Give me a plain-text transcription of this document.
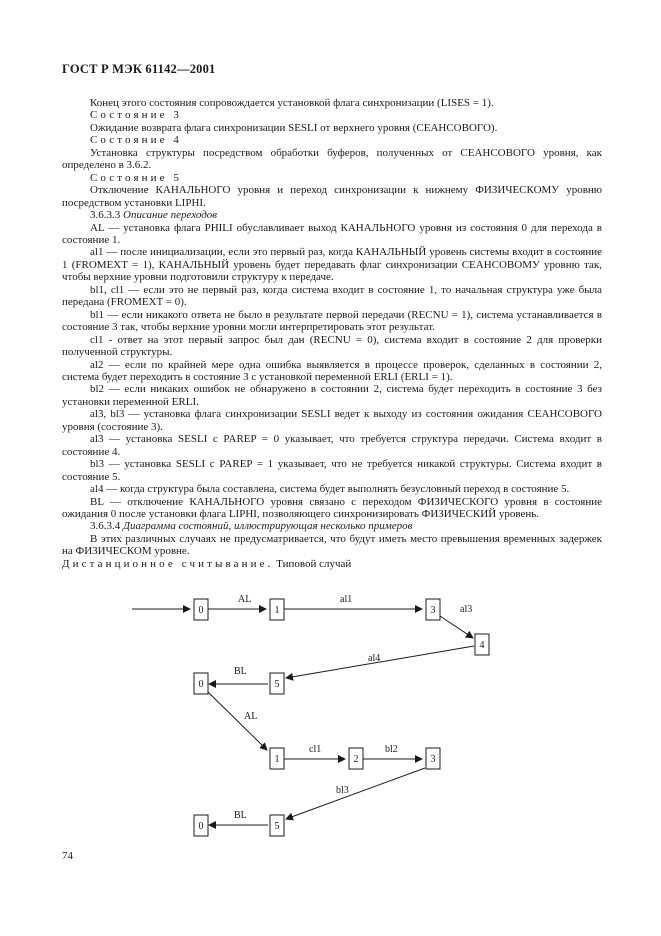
ГОСТ Р МЭК 61142—2001

Конец этого состояния сопровождается установкой флага синхронизации (LISES = 1).

Состояние 3

Ожидание возврата флага синхронизации SESLI от верхнего уровня (СЕАНСОВОГО).

Состояние 4

Установка структуры посредством обработки буферов, полученных от СЕАНСОВОГО уровня, как определено в 3.6.2.

Состояние 5

Отключение КАНАЛЬНОГО уровня и переход синхронизации к нижнему ФИЗИЧЕСКОМУ уровню посредством установки LIPHI.

3.6.3.3 Описание переходов

AL — установка флага PHILI обуславливает выход КАНАЛЬНОГО уровня из состояния 0 для перехода в состояние 1.

al1 — после инициализации, если это первый раз, когда КАНАЛЬНЫЙ уровень системы входит в состояние 1 (FROMEXT = 1), КАНАЛЬНЫЙ уровень будет передавать флаг синхронизации СЕАНСОВОМУ уровню так, чтобы верхние уровни подготовили структуру к передаче.

bl1, cl1 — если это не первый раз, когда система входит в состояние 1, то начальная структура уже была передана (FROMEXT = 0).

bl1 — если никакого ответа не было в результате первой передачи (RECNU = 1), система устанавливается в состояние 3 так, чтобы верхние уровни могли интерпретировать этот результат.

cl1 - ответ на этот первый запрос был дан (RECNU = 0), система входит в состояние 2 для проверки полученной структуры.

al2 — если по крайней мере одна ошибка выявляется в процессе проверок, сделанных в состоянии 2, система будет переходить в состояние 3 с установкой переменной ERLI (ERLI = 1).

bl2 — если никаких ошибок не обнаружено в состоянии 2, система будет переходить в состояние 3 без установки переменной ERLI.

al3, bl3 — установка флага синхронизации SESLI ведет к выходу из состояния ожидания СЕАНСОВОГО уровня (состояние 3).

al3 — установка SESLI с PAREP = 0 указывает, что требуется структура передачи. Система входит в состояние 4.

bl3 — установка SESLI с PAREP = 1 указывает, что не требуется никакой структуры. Система входит в состояние 5.

al4 — когда структура была составлена, система будет выполнять безусловный переход в состояние 5.

BL — отключение КАНАЛЬНОГО уровня связано с переходом ФИЗИЧЕСКОГО уровня в состояние ожидания 0 после установки флага LIPHI, позволяющего синхронизировать ФИЗИЧЕСКИЙ уровень.

3.6.3.4 Диаграмма состояний, иллюстрирующая несколько примеров

В этих различных случаях не предусматривается, что будут иметь место превышения временных задержек на ФИЗИЧЕСКОМ уровне.

Дистанционное считывание. Типовой случай

0	1	3
4
0	5
1	2	3
0	5
AL	al1
al3
al4
BL
AL
cl1	bl2
bl3
BL
74
